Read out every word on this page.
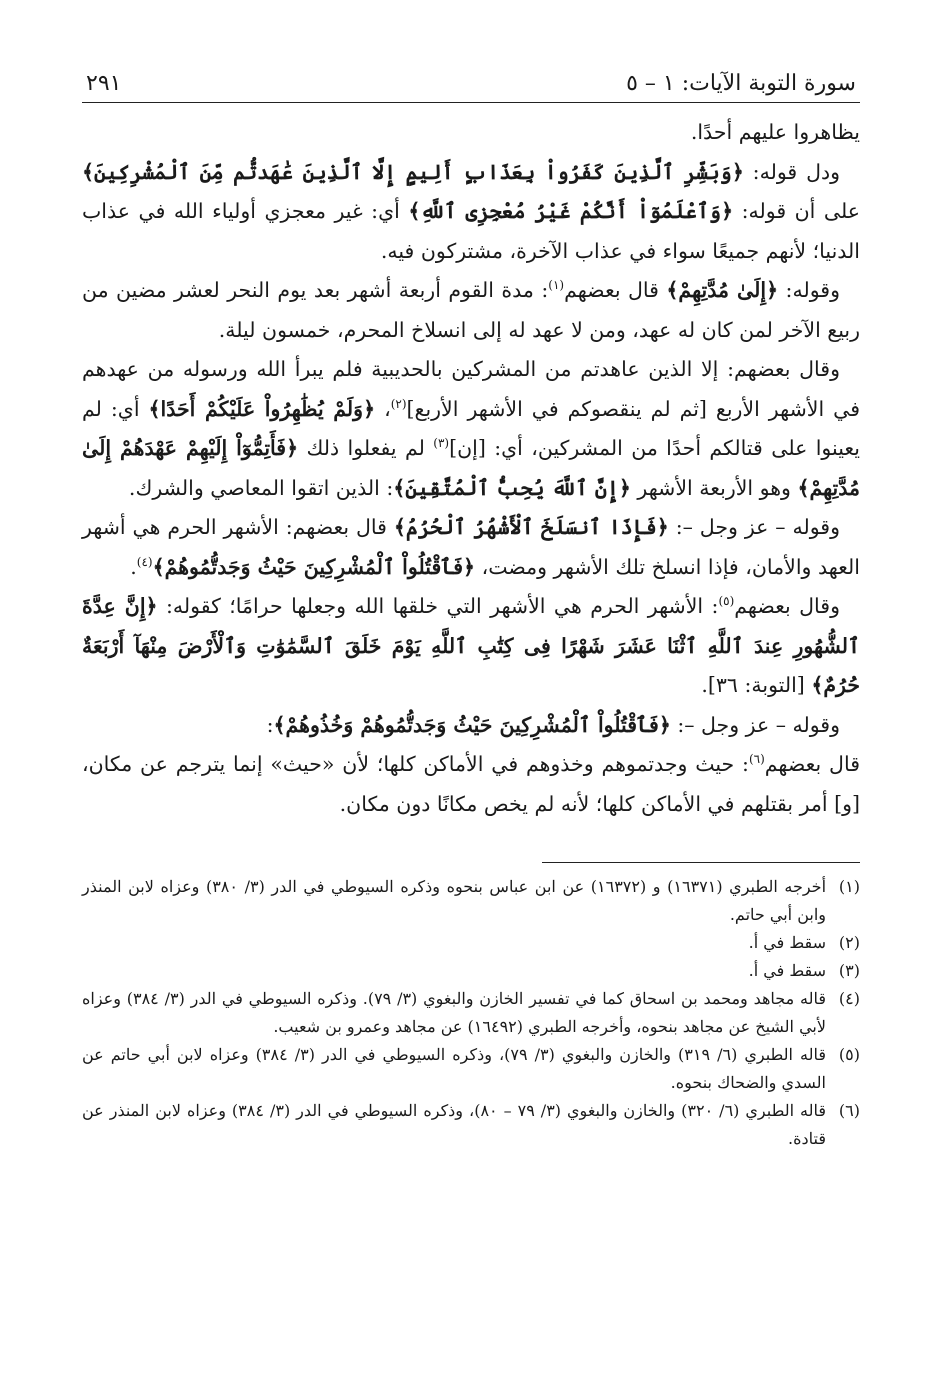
سورة التوبة الآيات: ١ – ٥
٢٩١

يظاهروا عليهم أحدًا.

ودل قوله: ﴿وَبَشِّرِ ٱلَّذِينَ كَفَرُواْ بِعَذَابٍ أَلِيمٍ إِلَّا ٱلَّذِينَ عَٰهَدتُّم مِّنَ ٱلْمُشْرِكِينَ﴾ على أن قوله: ﴿وَٱعْلَمُوٓاْ أَنَّكُمْ غَيْرُ مُعْجِزِى ٱللَّهِ﴾ أي: غير معجزي أولياء الله في عذاب الدنيا؛ لأنهم جميعًا سواء في عذاب الآخرة، مشتركون فيه.

وقوله: ﴿إِلَىٰ مُدَّتِهِمْ﴾ قال بعضهم$^{(١)}$: مدة القوم أربعة أشهر بعد يوم النحر لعشر مضين من ربيع الآخر لمن كان له عهد، ومن لا عهد له إلى انسلاخ المحرم، خمسون ليلة.

وقال بعضهم: إلا الذين عاهدتم من المشركين بالحديبية فلم يبرأ الله ورسوله من عهدهم في الأشهر الأربع [ثم لم ينقصوكم في الأشهر الأربع]$^{(٢)}$، ﴿وَلَمْ يُظَٰهِرُواْ عَلَيْكُمْ أَحَدًا﴾ أي: لم يعينوا على قتالكم أحدًا من المشركين، أي: [إن]$^{(٣)}$ لم يفعلوا ذلك ﴿فَأَتِمُّوٓاْ إِلَيْهِمْ عَهْدَهُمْ إِلَىٰ مُدَّتِهِمْ﴾ وهو الأربعة الأشهر ﴿إِنَّ ٱللَّهَ يُحِبُّ ٱلْمُتَّقِينَ﴾: الذين اتقوا المعاصي والشرك.

وقوله – عز وجل –: ﴿فَإِذَا ٱنسَلَخَ ٱلْأَشْهُرُ ٱلْحُرُمُ﴾ قال بعضهم: الأشهر الحرم هي أشهر العهد والأمان، فإذا انسلخ تلك الأشهر ومضت، ﴿فَٱقْتُلُواْ ٱلْمُشْرِكِينَ حَيْثُ وَجَدتُّمُوهُمْ﴾$^{(٤)}$.

وقال بعضهم$^{(٥)}$: الأشهر الحرم هي الأشهر التي خلقها الله وجعلها حرامًا؛ كقوله: ﴿إِنَّ عِدَّةَ ٱلشُّهُورِ عِندَ ٱللَّهِ ٱثْنَا عَشَرَ شَهْرًا فِى كِتَٰبِ ٱللَّهِ يَوْمَ خَلَقَ ٱلسَّمَٰوَٰتِ وَٱلْأَرْضَ مِنْهَآ أَرْبَعَةٌ حُرُمٌ﴾ [التوبة: ٣٦].

وقوله – عز وجل –: ﴿فَٱقْتُلُواْ ٱلْمُشْرِكِينَ حَيْثُ وَجَدتُّمُوهُمْ وَخُذُوهُمْ﴾:

قال بعضهم$^{(٦)}$: حيث وجدتموهم وخذوهم في الأماكن كلها؛ لأن «حيث» إنما يترجم عن مكان،[و] أمر بقتلهم في الأماكن كلها؛ لأنه لم يخص مكانًا دون مكان.

(١)
أخرجه الطبري (١٦٣٧١) و (١٦٣٧٢) عن ابن عباس بنحوه وذكره السيوطي في الدر (٣/ ٣٨٠) وعزاه لابن المنذر وابن أبي حاتم.
(٢)
سقط في أ.
(٣)
سقط في أ.
(٤)
قاله مجاهد ومحمد بن اسحاق كما في تفسير الخازن والبغوي (٣/ ٧٩). وذكره السيوطي في الدر (٣/ ٣٨٤) وعزاه لأبي الشيخ عن مجاهد بنحوه، وأخرجه الطبري (١٦٤٩٢) عن مجاهد وعمرو بن شعيب.
(٥)
قاله الطبري (٦/ ٣١٩) والخازن والبغوي (٣/ ٧٩)، وذكره السيوطي في الدر (٣/ ٣٨٤) وعزاه لابن أبي حاتم عن السدي والضحاك بنحوه.
(٦)
قاله الطبري (٦/ ٣٢٠) والخازن والبغوي (٣/ ٧٩ – ٨٠)، وذكره السيوطي في الدر (٣/ ٣٨٤) وعزاه لابن المنذر عن قتادة.
